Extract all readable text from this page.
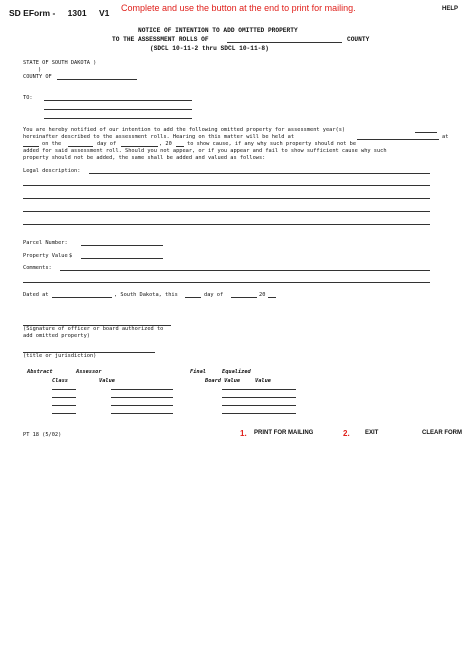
SD EForm - 1301 V1 Complete and use the button at the end to print for mailing.	HELP
NOTICE OF INTENTION TO ADD OMITTED PROPERTY
TO THE ASSESSMENT ROLLS OF	COUNTY
(SDCL 10-11-2 thru SDCL 10-11-8)
STATE OF SOUTH DAKOTA )
)
COUNTY OF
TO:
You are hereby notified of our intention to add the following omitted property for assessment year(s)
hereinafter described to the assessment rolls. Hearing on this matter will be held at	at
on the	day of	, 20	to show cause, if any why such property should not be
added for said assessment roll. Should you not appear, or if you appear and fail to show sufficient cause why such
property should not be added, the same shall be added and valued as follows:
Legal description:
Parcel Number:
Property Value $
Comments:
Dated at	, South Dakota, this	day of	20
(Signature of officer or board authorized to
add omitted property)
(title or jurisdiction)
Abstract	Assessor	Final	Equalized
Class	Value	Board Value	Value
PT 18 (5/02)	1. PRINT FOR MAILING	2.	EXIT	CLEAR FORM
